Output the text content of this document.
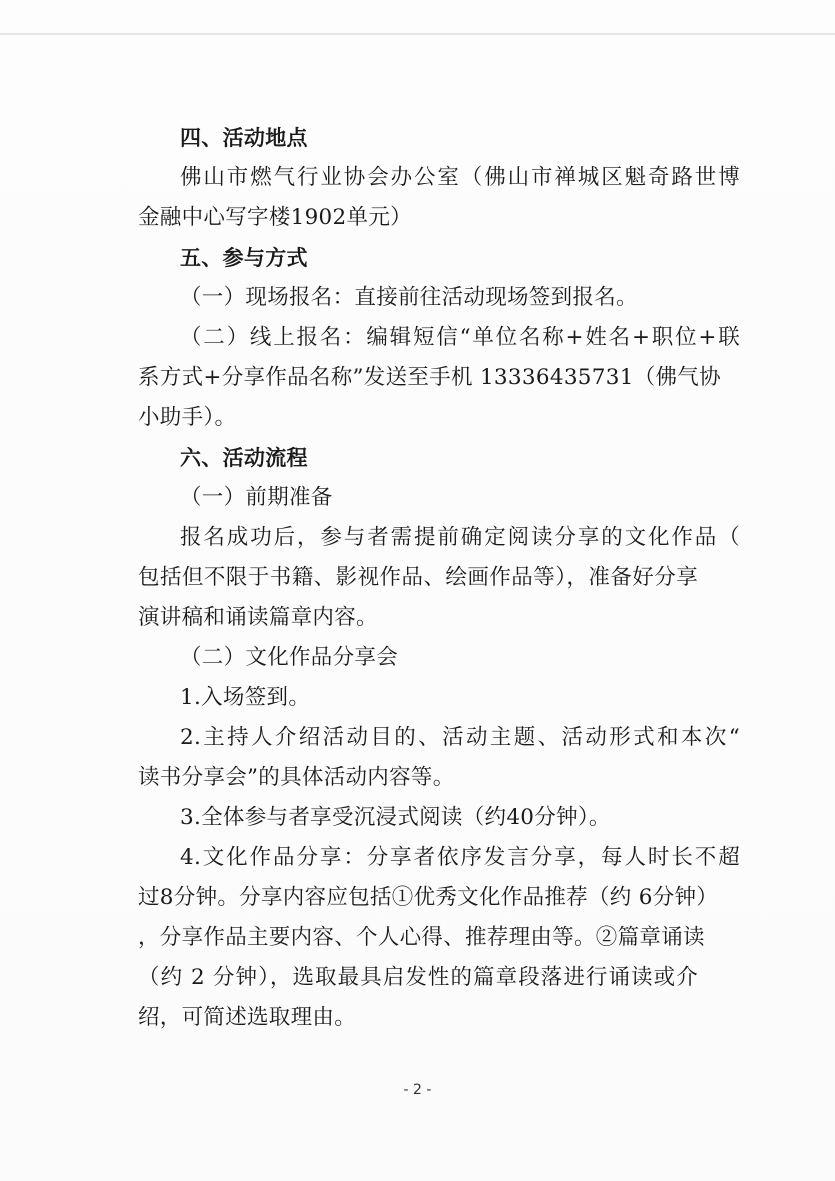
四、活动地点
佛山市燃气行业协会办公室（佛山市禅城区魁奇路世博
金融中心写字楼1902单元）
五、参与方式
（一）现场报名：直接前往活动现场签到报名。
（二）线上报名：编辑短信“单位名称+姓名+职位+联
系方式+分享作品名称”发送至手机 13336435731（佛气协
小助手）。
六、活动流程
（一）前期准备
报名成功后，参与者需提前确定阅读分享的文化作品（
包括但不限于书籍、影视作品、绘画作品等），准备好分享
演讲稿和诵读篇章内容。
（二）文化作品分享会
1.入场签到。
2.主持人介绍活动目的、活动主题、活动形式和本次“
读书分享会”的具体活动内容等。
3.全体参与者享受沉浸式阅读（约40分钟）。
4.文化作品分享：分享者依序发言分享，每人时长不超
过8分钟。分享内容应包括①优秀文化作品推荐（约 6分钟）
，分享作品主要内容、个人心得、推荐理由等。②篇章诵读
（约 2 分钟），选取最具启发性的篇章段落进行诵读或介
绍，可简述选取理由。
- 2 -
